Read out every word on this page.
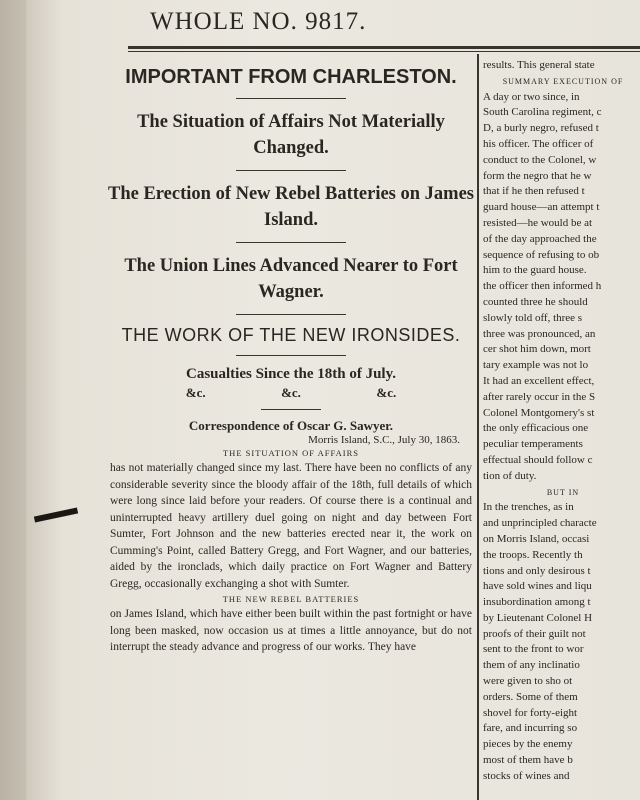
WHOLE NO. 9817.
IMPORTANT FROM CHARLESTON.
The Situation of Affairs Not Materially Changed.
The Erection of New Rebel Batteries on James Island.
The Union Lines Advanced Nearer to Fort Wagner.
THE WORK OF THE NEW IRONSIDES.
Casualties Since the 18th of July.
&c.	&c.	&c.
Correspondence of Oscar G. Sawyer.
Morris Island, S.C., July 30, 1863.
THE SITUATION OF AFFAIRS

has not materially changed since my last. There have been no conflicts of any considerable severity since the bloody affair of the 18th, full details of which were long since laid before your readers. Of course there is a continual and uninterrupted heavy artillery duel going on night and day between Fort Sumter, Fort Johnson and the new batteries erected near it, the work on Cumming's Point, called Battery Gregg, and Fort Wagner, and our batteries, aided by the ironclads, which daily practice on Fort Wagner and Battery Gregg, occasionally exchanging a shot with Sumter.

THE NEW REBEL BATTERIES

on James Island, which have either been built within the past fortnight or have long been masked, now occasion us at times a little annoyance, but do not interrupt the steady advance and progress of our works. They have

results. This general state
SUMMARY EXECUTION OF
A day or two since, in
South Carolina regiment, c
D, a burly negro, refused t
his officer. The officer of
conduct to the Colonel, w
form the negro that he w
that if he then refused t
guard house—an attempt t
resisted—he would be at
of the day approached the
sequence of refusing to ob
him to the guard house.
the officer then informed h
counted three he should
slowly told off, three s
three was pronounced, an
cer shot him down, mort
tary example was not lo
It had an excellent effect,
after rarely occur in the S
Colonel Montgomery's st
the only efficacious one
peculiar temperaments
effectual should follow c
tion of duty.
BUT IN
In the trenches, as in
and unprincipled characte
on Morris Island, occasi
the troops. Recently th
tions and only desirous t
have sold wines and liqu
insubordination among t
by Lieutenant Colonel H
proofs of their guilt not
sent to the front to wor
them of any inclinatio
were given to sho ot
orders. Some of them
shovel for forty-eight
fare, and incurring so
pieces by the enemy
most of them have b
stocks of wines and
